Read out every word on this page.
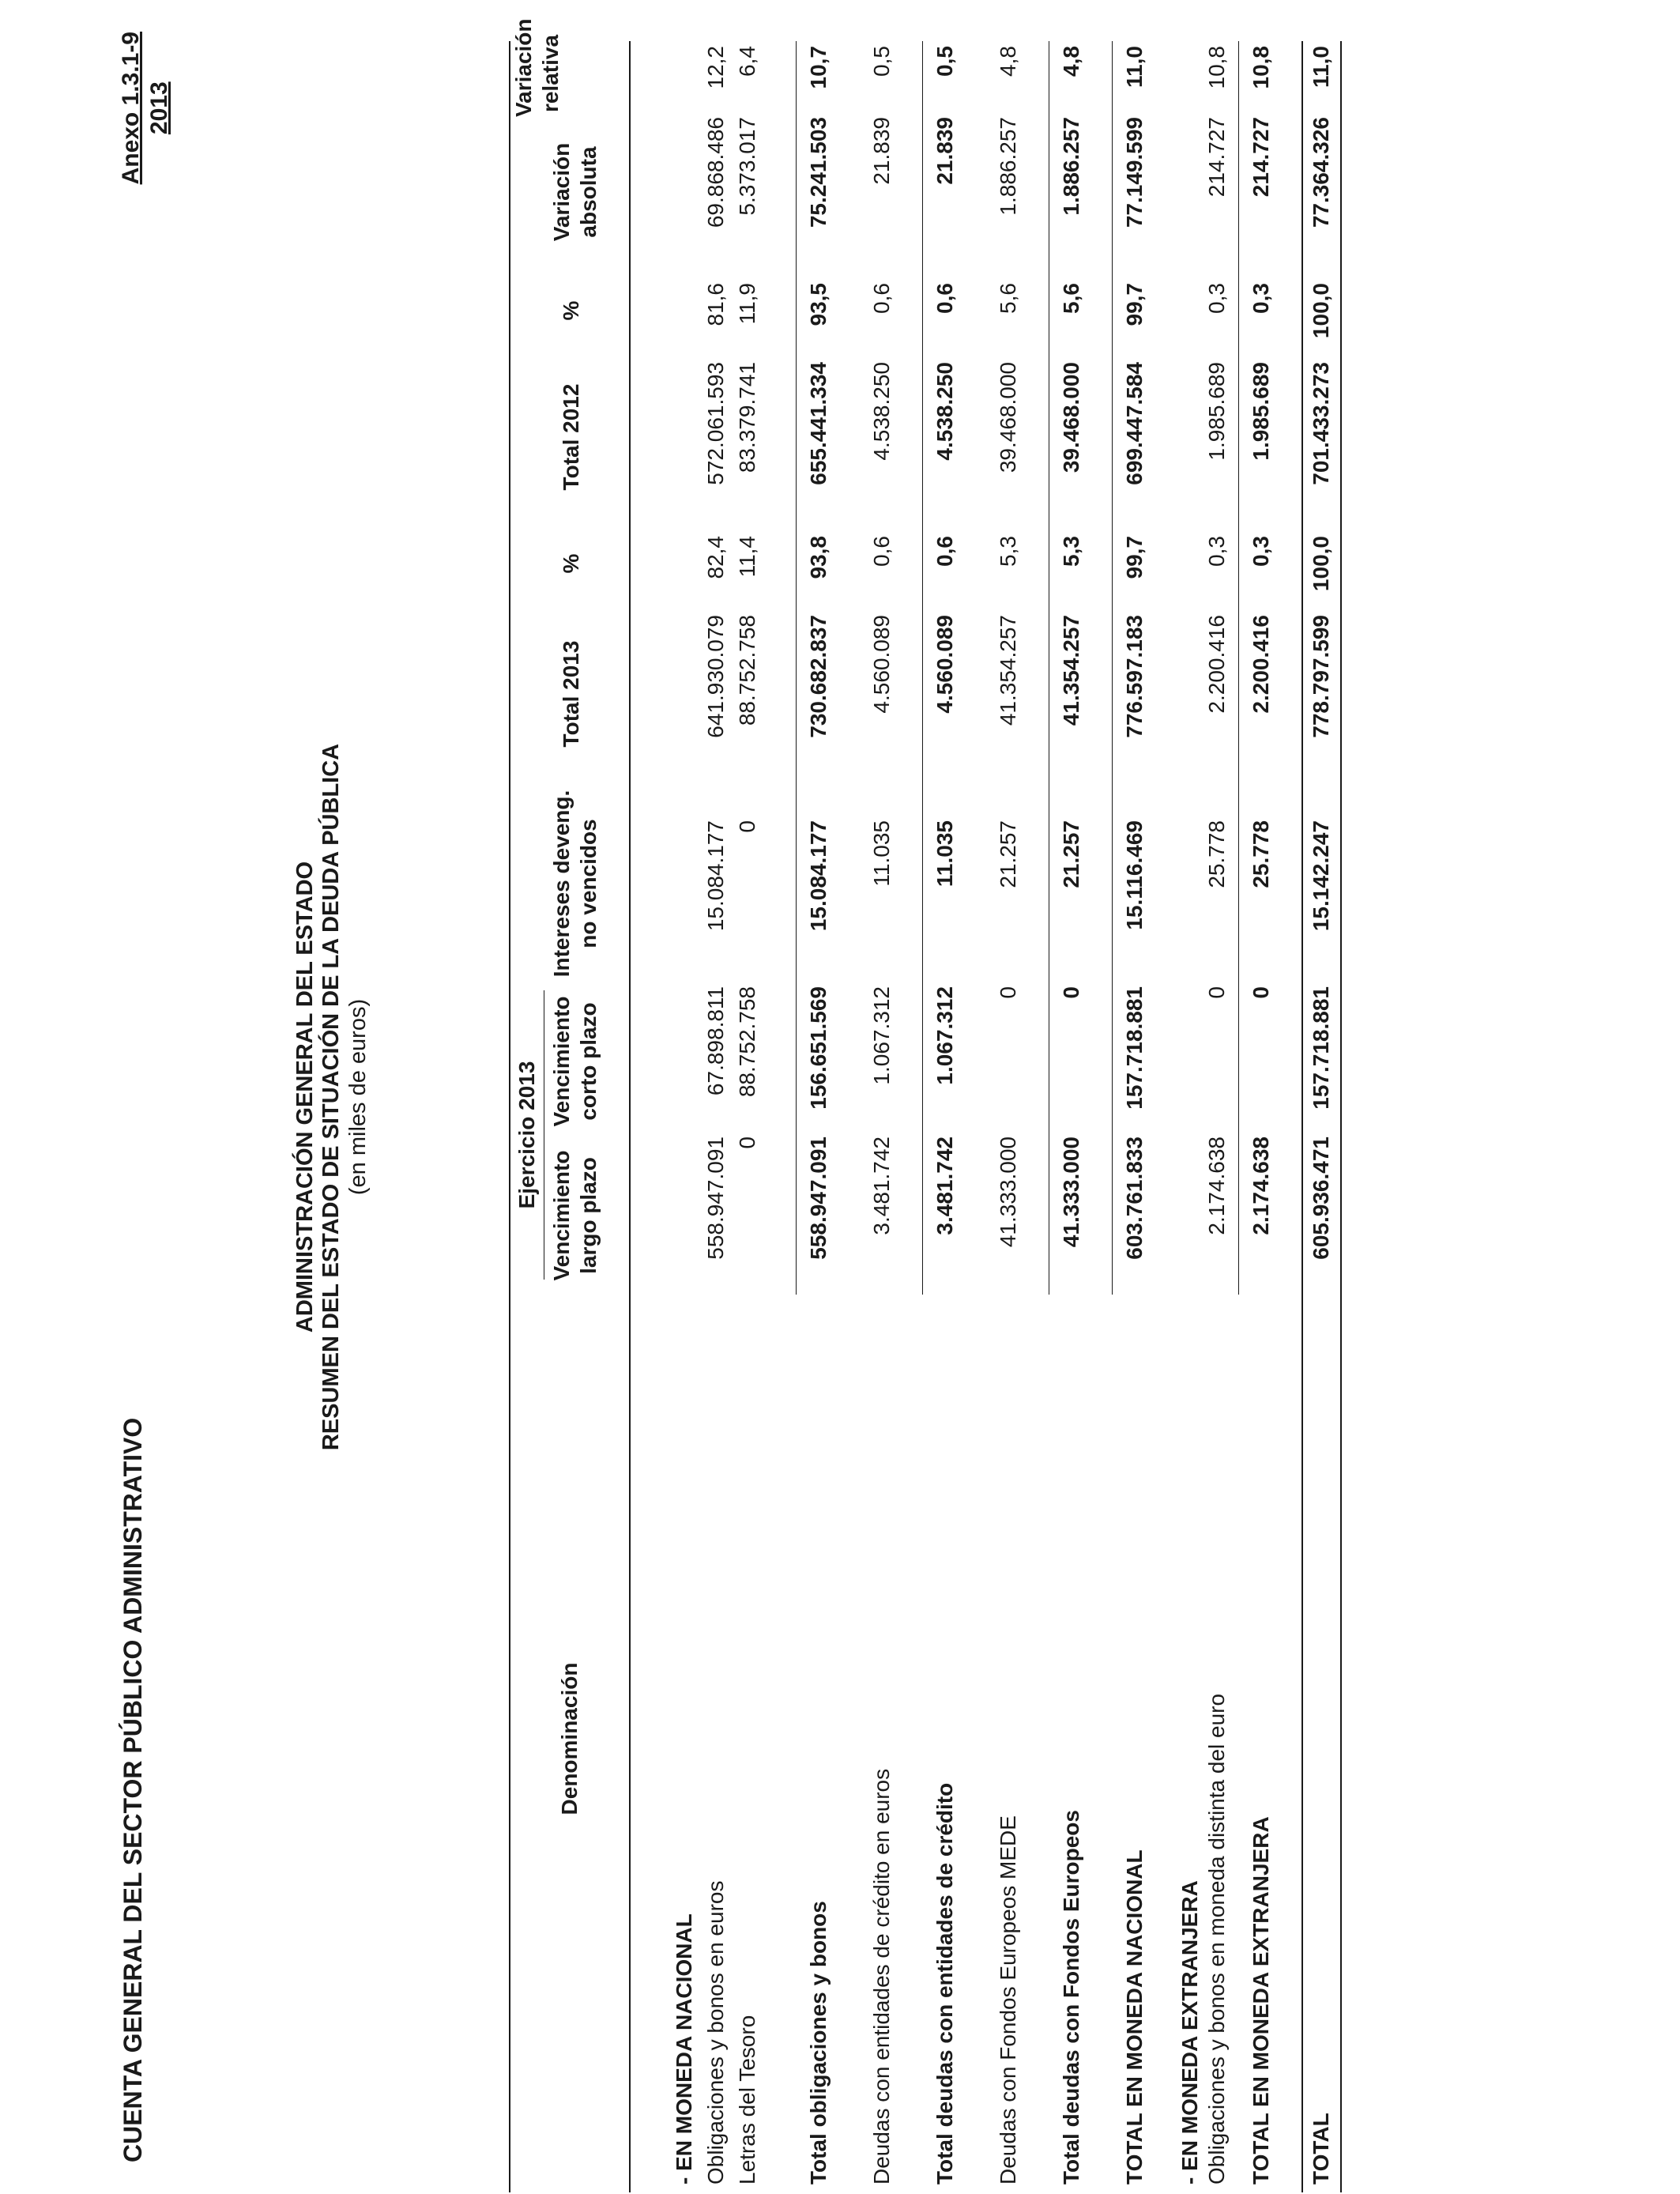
CUENTA GENERAL DEL SECTOR PÚBLICO ADMINISTRATIVO
Anexo 1.3.1-9 2013
ADMINISTRACIÓN GENERAL DEL ESTADO RESUMEN DEL ESTADO DE SITUACIÓN DE LA DEUDA PÚBLICA (en miles de euros)
Denominación
Ejercicio 2013
Vencimiento largo plazo
Vencimiento corto plazo
Intereses deveng. no vencidos
Total 2013
%
Total 2012
%
Variación absoluta
Variación relativa
- EN MONEDA NACIONAL Obligaciones y bonos en euros
558.947.091
67.898.811
15.084.177
641.930.079
82,4
572.061.593
81,6
69.868.486
12,2
Letras del Tesoro
0
88.752.758
0
88.752.758
11,4
83.379.741
11,9
5.373.017
6,4
Total obligaciones y bonos
558.947.091
156.651.569
15.084.177
730.682.837
93,8
655.441.334
93,5
75.241.503
10,7
Deudas con entidades de crédito en euros
3.481.742
1.067.312
11.035
4.560.089
0,6
4.538.250
0,6
21.839
0,5
Total deudas con entidades de crédito
3.481.742
1.067.312
11.035
4.560.089
0,6
4.538.250
0,6
21.839
0,5
Deudas con Fondos Europeos MEDE
41.333.000
0
21.257
41.354.257
5,3
39.468.000
5,6
1.886.257
4,8
Total deudas con Fondos Europeos
41.333.000
0
21.257
41.354.257
5,3
39.468.000
5,6
1.886.257
4,8
TOTAL EN MONEDA NACIONAL
603.761.833
157.718.881
15.116.469
776.597.183
99,7
699.447.584
99,7
77.149.599
11,0
- EN MONEDA EXTRANJERA Obligaciones y bonos en moneda distinta del euro
2.174.638
0
25.778
2.200.416
0,3
1.985.689
0,3
214.727
10,8
TOTAL EN MONEDA EXTRANJERA
2.174.638
0
25.778
2.200.416
0,3
1.985.689
0,3
214.727
10,8
TOTAL
605.936.471
157.718.881
15.142.247
778.797.599
100,0
701.433.273
100,0
77.364.326
11,0
